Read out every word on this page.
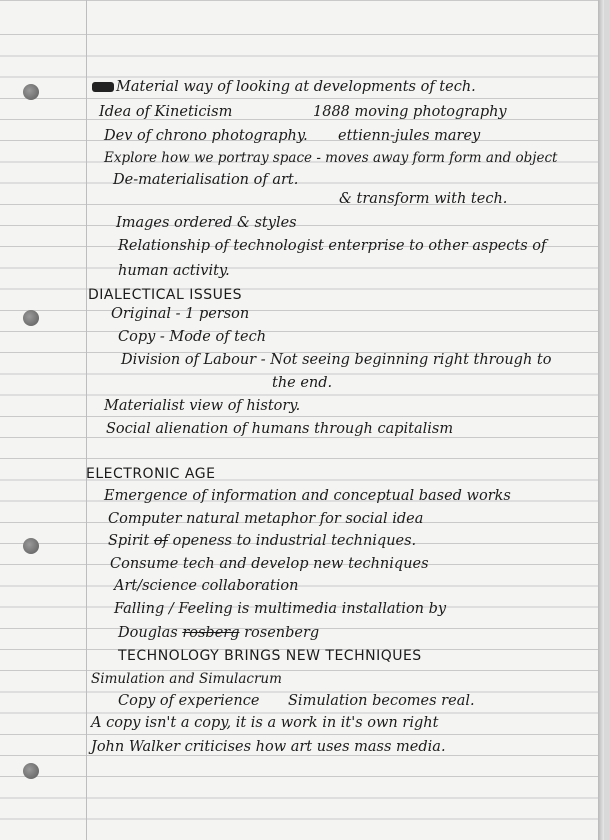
Material way of looking at developments of tech.
Idea of Kineticism	1888 moving photography
Dev of chrono photography. ettienn-jules marey
Explore how we portray space - moves away form form and object
De-materialisation of art.
& transform with tech.
Images ordered & styles
Relationship of technologist enterprise to other aspects of
human activity.
DIALECTICAL ISSUES
Original - 1 person
Copy - Mode of tech
Division of Labour - Not seeing beginning right through to
the end.
Materialist view of history.
Social alienation of humans through capitalism
ELECTRONIC AGE
Emergence of information and conceptual based works
Computer natural metaphor for social idea
Spirit of openess to industrial techniques.
Consume tech and develop new techniques
Art/science collaboration
Falling / Feeling is multimedia installation by
Douglas rosberg rosenberg
TECHNOLOGY BRINGS NEW TECHNIQUES
Simulation and Simulacrum
Copy of experience Simulation becomes real.
A copy isn't a copy, it is a work in it's own right
John Walker criticises how art uses mass media.
